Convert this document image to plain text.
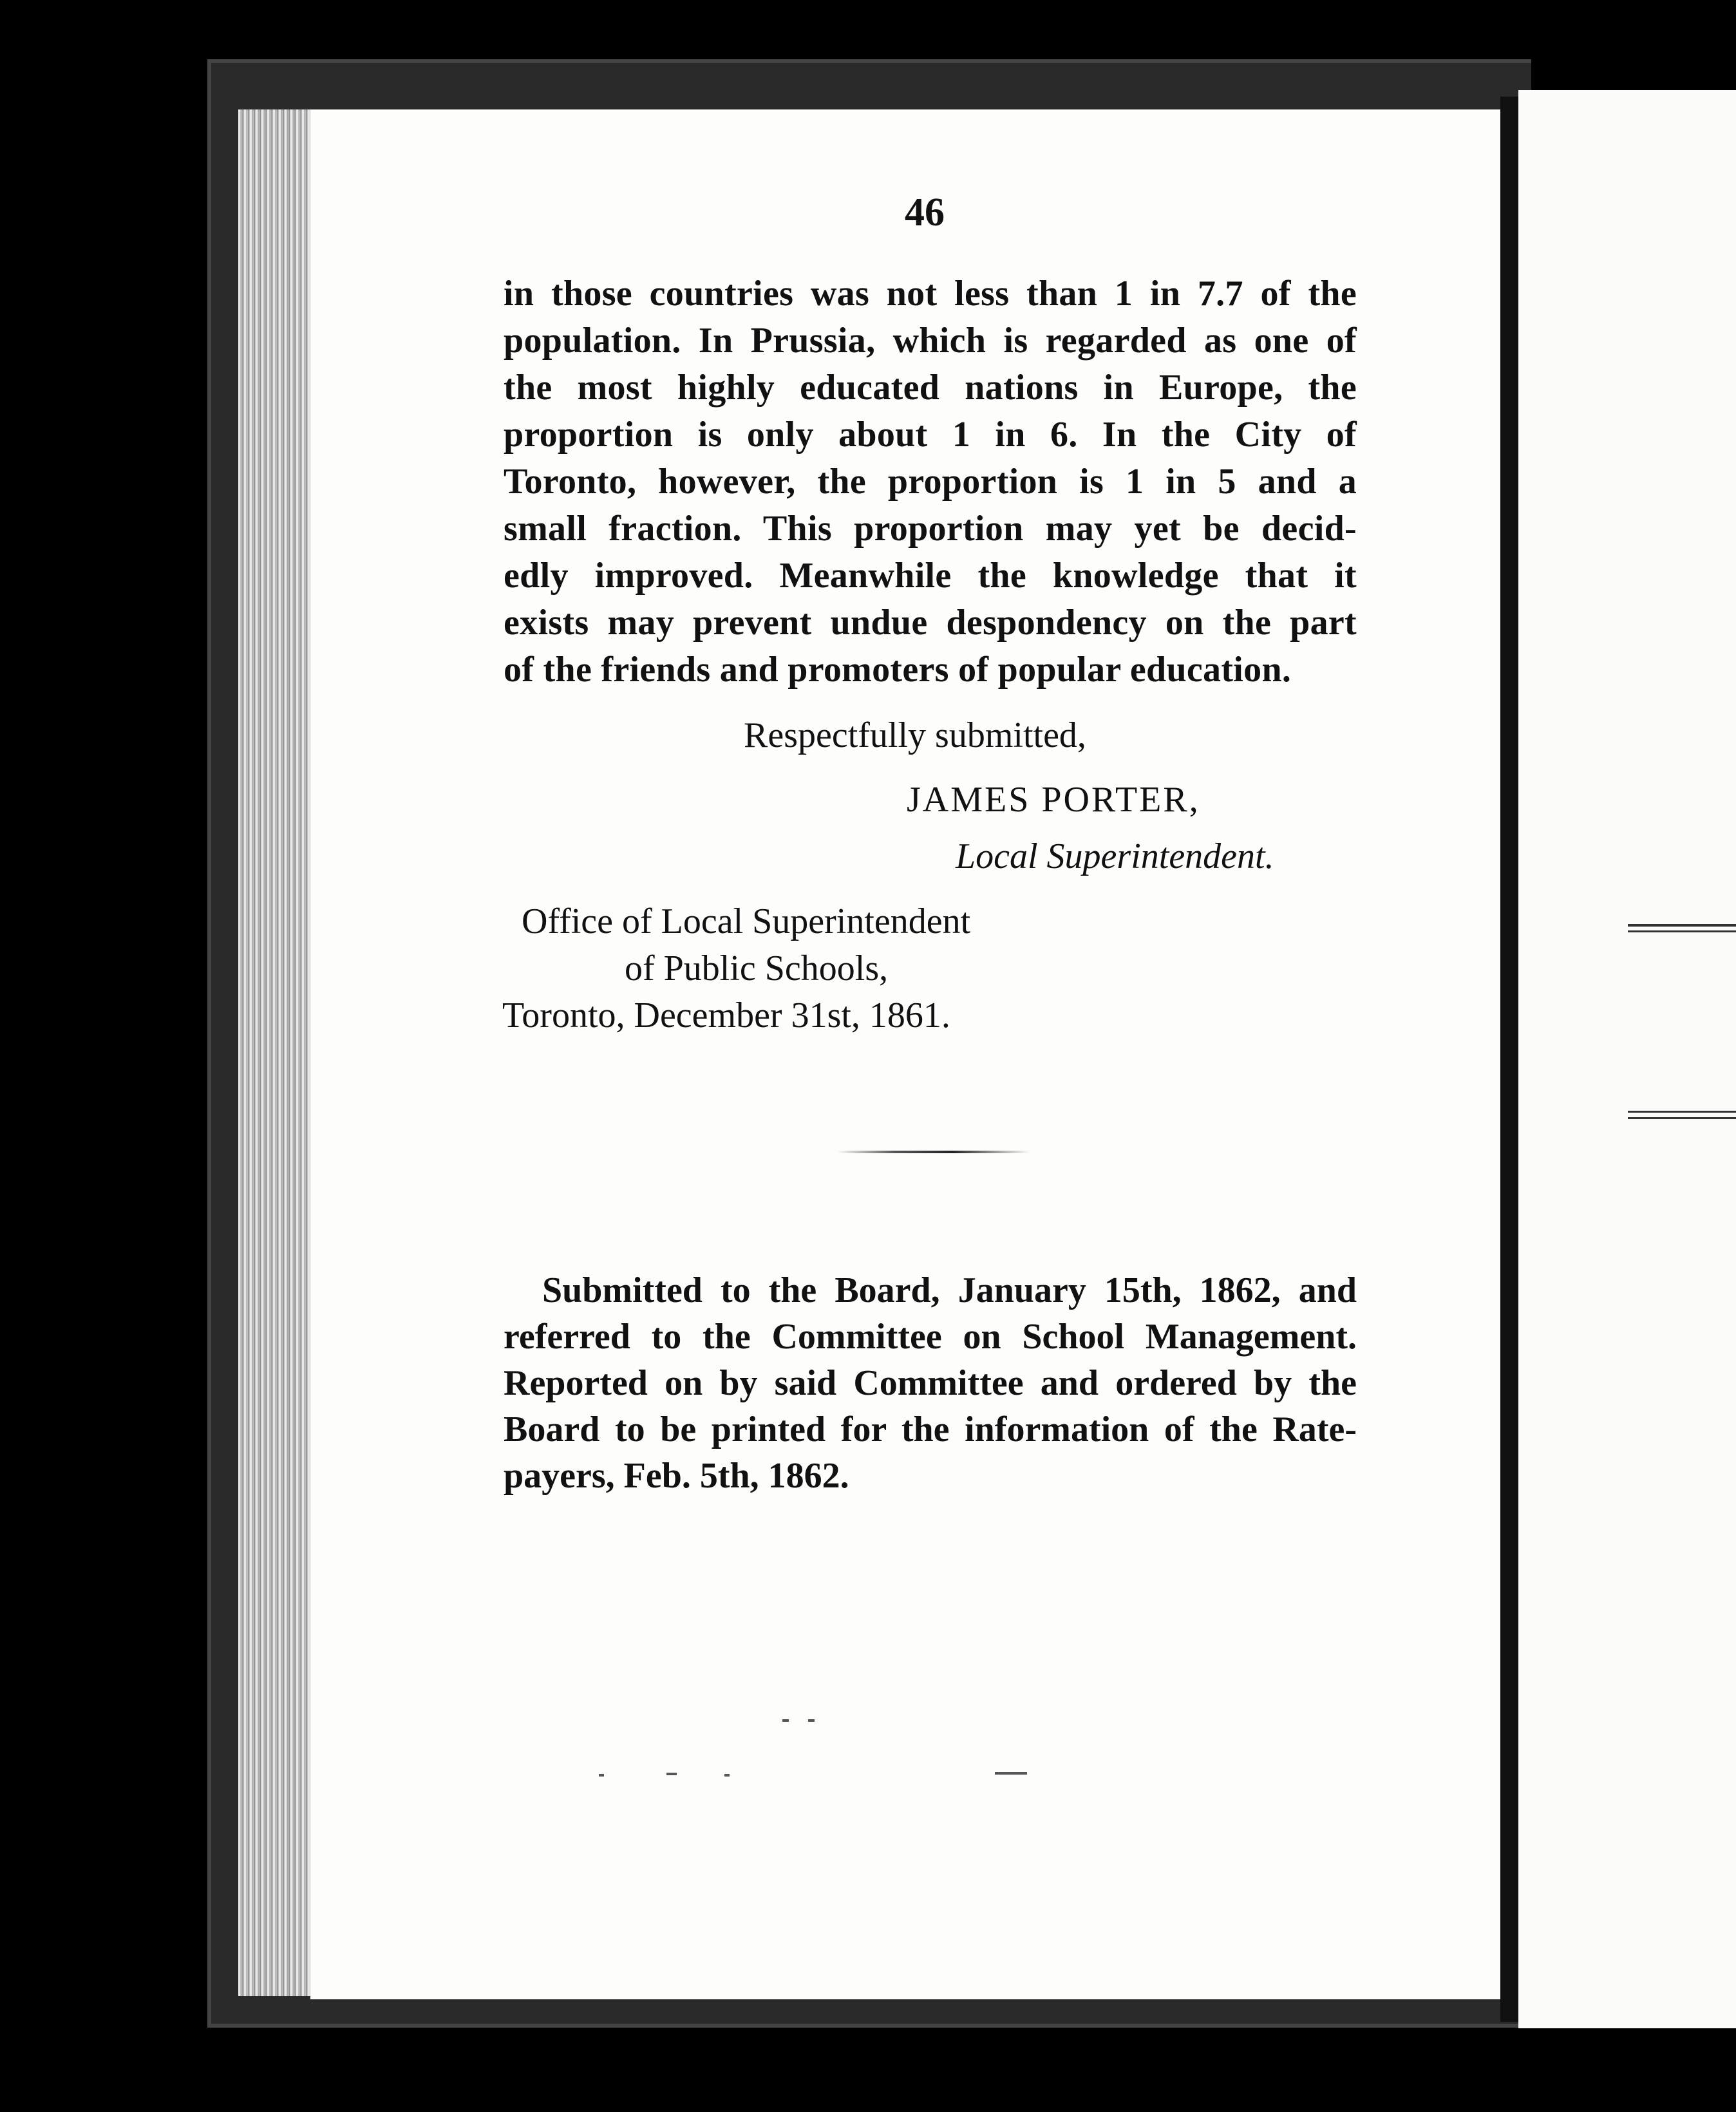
46
in those countries was not less than 1 in 7.7 of the
population. In Prussia, which is regarded as one of
the most highly educated nations in Europe, the
proportion is only about 1 in 6. In the City of
Toronto, however, the proportion is 1 in 5 and a
small fraction. This proportion may yet be decid-
edly improved. Meanwhile the knowledge that it
exists may prevent undue despondency on the part
of the friends and promoters of popular education.
Respectfully submitted,
JAMES PORTER,
Local Superintendent.
Office of Local Superintendent
of Public Schools,
Toronto, December 31st, 1861.
Submitted to the Board, January 15th, 1862, and
referred to the Committee on School Management.
Reported on by said Committee and ordered by the
Board to be printed for the information of the Rate-
payers, Feb. 5th, 1862.
